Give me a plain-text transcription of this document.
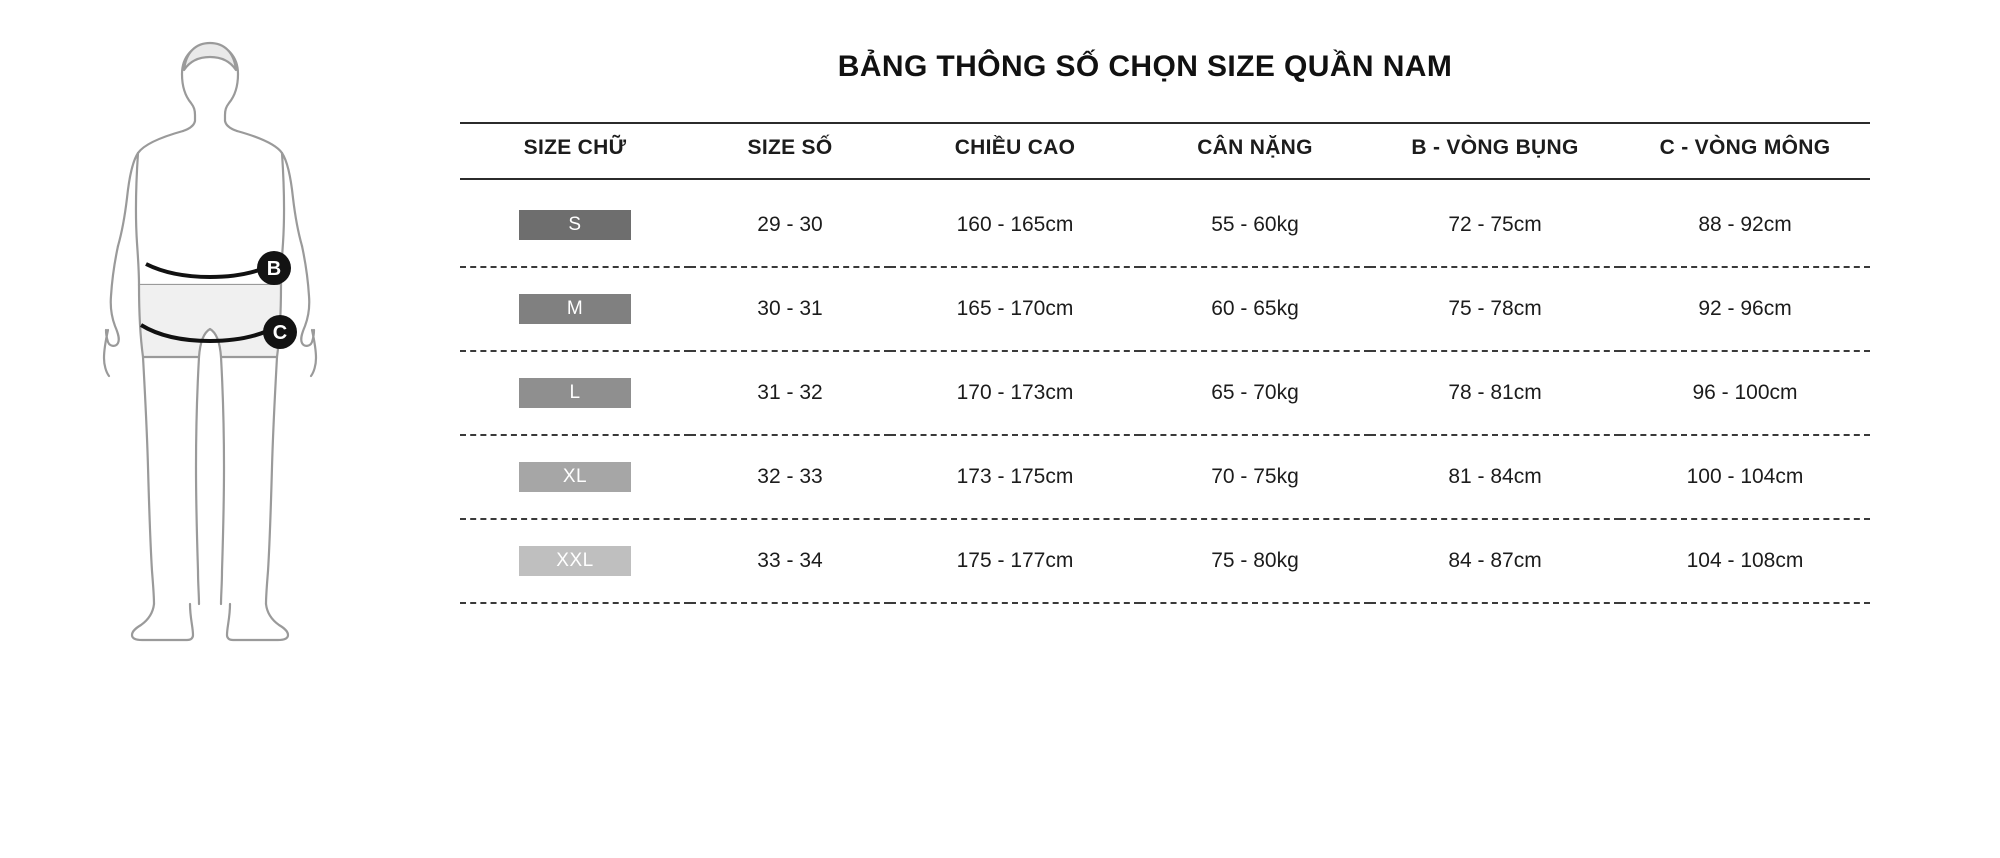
B
C
BẢNG THÔNG SỐ CHỌN SIZE QUẦN NAM
SIZE CHỮ	SIZE SỐ	CHIỀU CAO	CÂN NẶNG	B - VÒNG BỤNG	C - VÒNG MÔNG
S	29 - 30	160 - 165cm	55 - 60kg	72 - 75cm	88 - 92cm
M	30 - 31	165 - 170cm	60 - 65kg	75 - 78cm	92 - 96cm
L	31 - 32	170 - 173cm	65 - 70kg	78 - 81cm	96 - 100cm
XL	32 - 33	173 - 175cm	70 - 75kg	81 - 84cm	100 - 104cm
XXL	33 - 34	175 - 177cm	75 - 80kg	84 - 87cm	104 - 108cm
